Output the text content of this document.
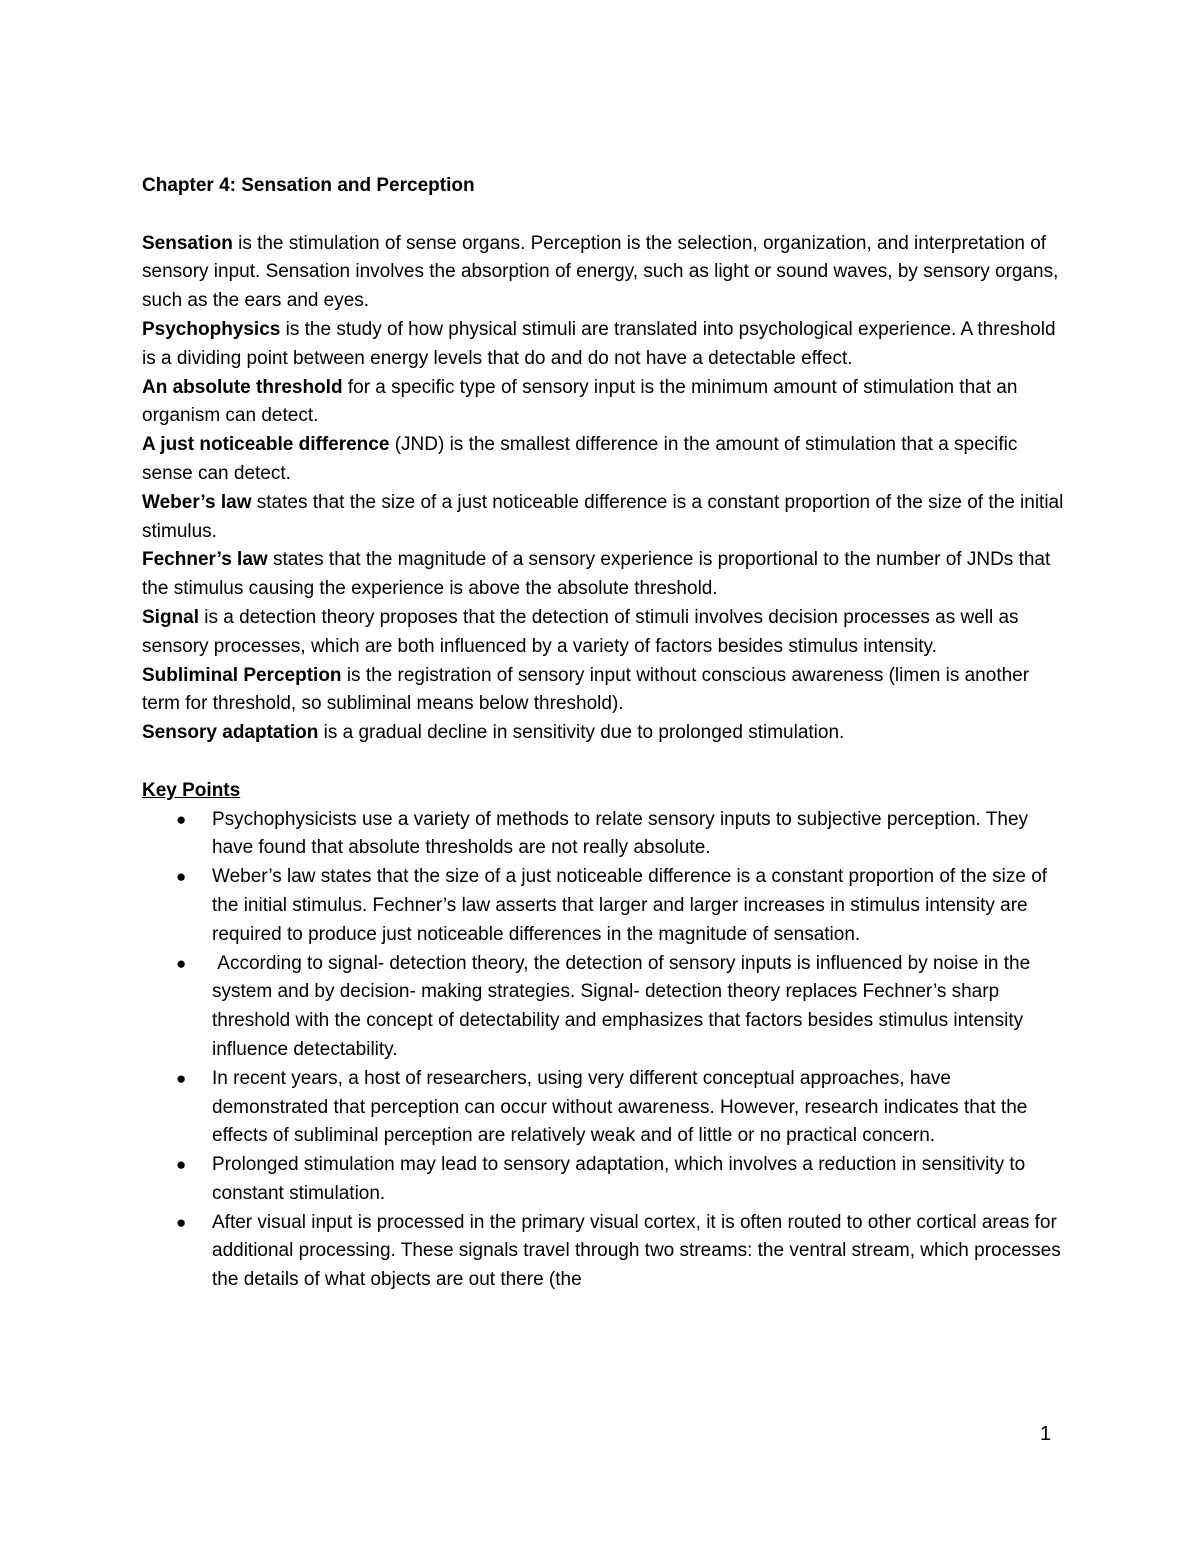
Chapter 4: Sensation and Perception

Sensation is the stimulation of sense organs. Perception is the selection, organization, and interpretation of sensory input. Sensation involves the absorption of energy, such as light or sound waves, by sensory organs, such as the ears and eyes.

Psychophysics is the study of how physical stimuli are translated into psychological experience. A threshold is a dividing point between energy levels that do and do not have a detectable effect.

An absolute threshold for a specific type of sensory input is the minimum amount of stimulation that an organism can detect.

A just noticeable difference (JND) is the smallest difference in the amount of stimulation that a specific sense can detect.

Weber’s law states that the size of a just noticeable difference is a constant proportion of the size of the initial stimulus.

Fechner’s law states that the magnitude of a sensory experience is proportional to the number of JNDs that the stimulus causing the experience is above the absolute threshold.

Signal is a detection theory proposes that the detection of stimuli involves decision processes as well as sensory processes, which are both influenced by a variety of factors besides stimulus intensity.

Subliminal Perception is the registration of sensory input without conscious awareness (limen is another term for threshold, so subliminal means below threshold).

Sensory adaptation is a gradual decline in sensitivity due to prolonged stimulation.

Key Points

● Psychophysicists use a variety of methods to relate sensory inputs to subjective perception. They have found that absolute thresholds are not really absolute.
● Weber’s law states that the size of a just noticeable difference is a constant proportion of the size of the initial stimulus. Fechner’s law asserts that larger and larger increases in stimulus intensity are required to produce just noticeable differences in the magnitude of sensation.
● According to signal- detection theory, the detection of sensory inputs is influenced by noise in the system and by decision- making strategies. Signal- detection theory replaces Fechner’s sharp threshold with the concept of detectability and emphasizes that factors besides stimulus intensity influence detectability.
● In recent years, a host of researchers, using very different conceptual approaches, have demonstrated that perception can occur without awareness. However, research indicates that the effects of subliminal perception are relatively weak and of little or no practical concern.
● Prolonged stimulation may lead to sensory adaptation, which involves a reduction in sensitivity to constant stimulation.
● After visual input is processed in the primary visual cortex, it is often routed to other cortical areas for additional processing. These signals travel through two streams: the ventral stream, which processes the details of what objects are out there (the
1
